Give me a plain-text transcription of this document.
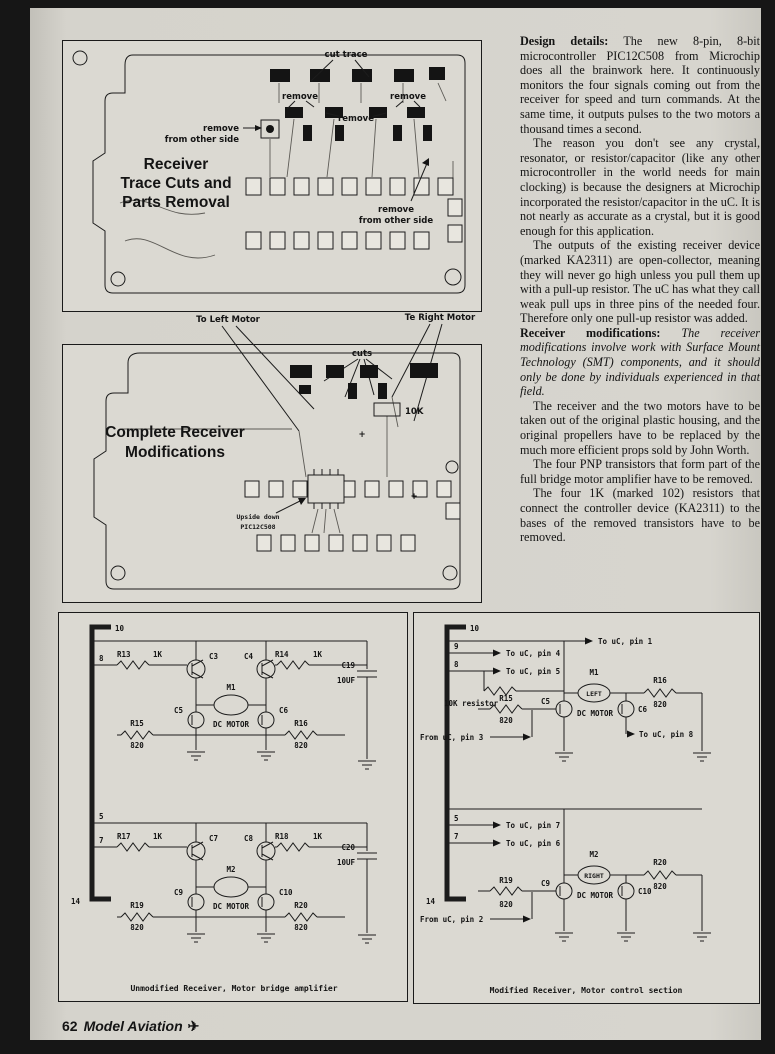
cut trace
remove	remove
remove
remove
from other side
remove
from other side
Receiver
Trace Cuts and
Parts Removal
To Left Motor	Te Right Motor
cuts
10K
+
+
Upside down
PIC12C508
Complete Receiver
Modifications

Design details: The new 8-pin, 8-bit microcontroller PIC12C508 from Microchip does all the brainwork here. It continuously monitors the four signals coming out from the receiver for speed and turn commands. At the same time, it outputs pulses to the two motors a thousand times a second.

The reason you don't see any crystal, resonator, or resistor/capacitor (like any other microcontroller in the world needs for main clocking) is because the designers at Microchip incorporated the resistor/capacitor in the uC. It is not nearly as accurate as a crystal, but it is good enough for this application.

The outputs of the existing receiver device (marked KA2311) are open-collector, meaning they will never go high unless you pull them up with a pull-up resistor. The uC has what they call weak pull ups in three pins of the needed four. Therefore only one pull-up resistor was added.

Receiver modifications: The receiver modifications involve work with Surface Mount Technology (SMT) components, and it should only be done by individuals experienced in that field.

The receiver and the two motors have to be taken out of the original plastic housing, and the original propellers have to be replaced by the much more efficient props sold by John Worth.

The four PNP transistors that form part of the full bridge motor amplifier have to be removed.

The four 1K (marked 102) resistors that connect the controller device (KA2311) to the bases of the removed transistors have to be removed.

10
8 R13	1K	C3	C4	R14	1K
C19
10UF
M1
DC MOTOR
C5	C6
R15
820
R16
820
5
7 R17	1K	C7	C8	R18	1K
C20
10UF
M2
DC MOTOR
C9	C10
R19
820
R20
820
14
Unmodified Receiver, Motor bridge amplifier
10
To uC, pin 1
9
To uC, pin 4
8
To uC, pin 5
10K resistor
M1
LEFT
DC MOTOR
C5
R15
820
C6
R16
820
To uC, pin 8
From uC, pin 3
5
To uC, pin 7
7
To uC, pin 6
M2
RIGHT
DC MOTOR
C9
R19
820
C10
R20
820
From uC, pin 2
14
Modified Receiver, Motor control section
62 Model Aviation ✈
